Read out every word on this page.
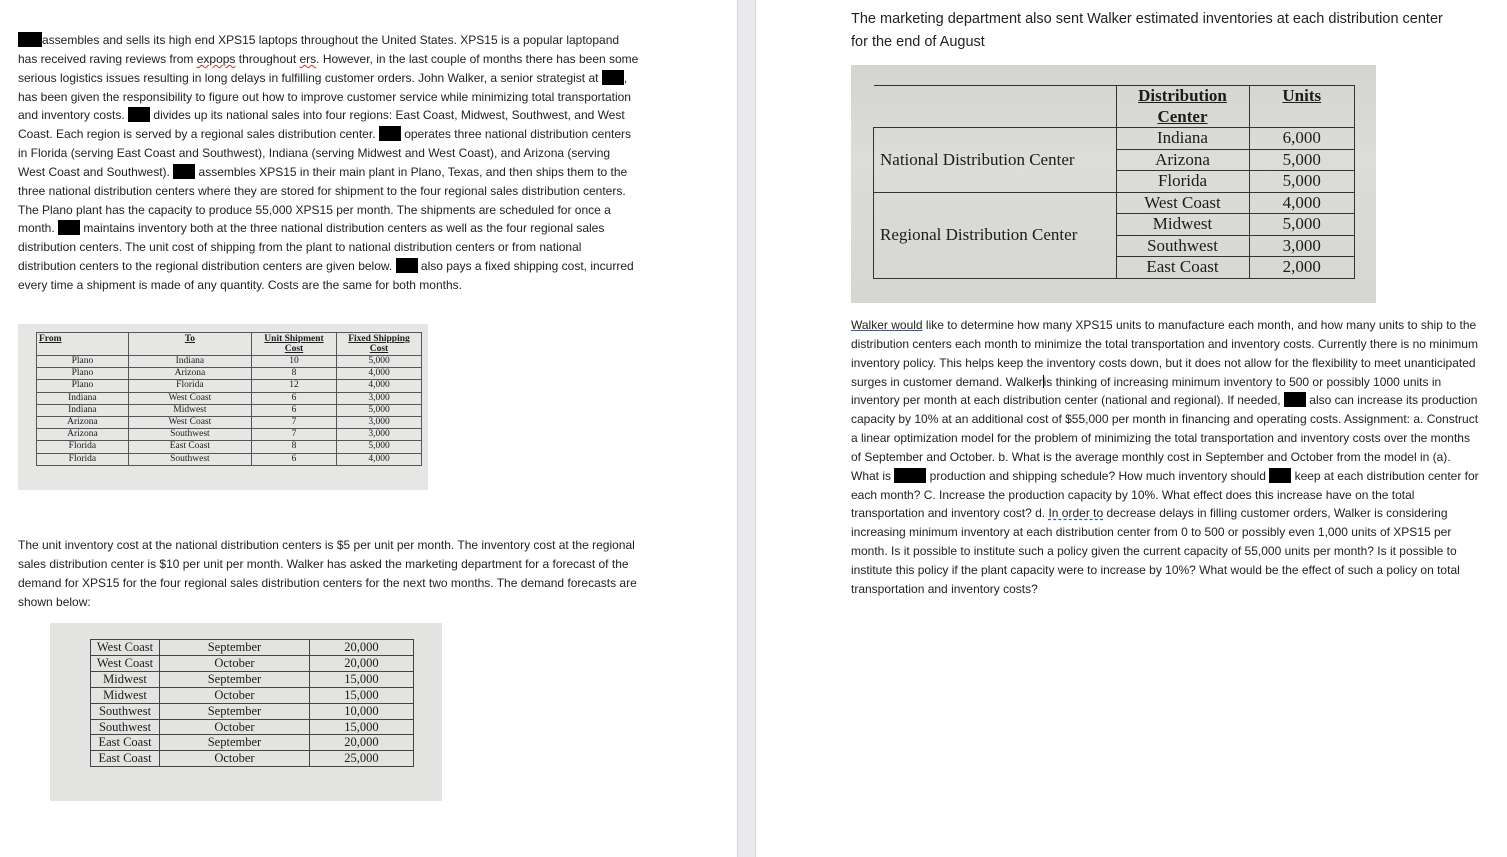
assembles and sells its high end XPS15 laptops throughout the United States. XPS15 is a popular laptopand has received raving reviews from expops throughout ers. However, in the last couple of months there has been some serious logistics issues resulting in long delays in fulfilling customer orders. John Walker, a senior strategist at , has been given the responsibility to figure out how to improve customer service while minimizing total transportation and inventory costs.  divides up its national sales into four regions: East Coast, Midwest, Southwest, and West Coast. Each region is served by a regional sales distribution center.  operates three national distribution centers in Florida (serving East Coast and Southwest), Indiana (serving Midwest and West Coast), and Arizona (serving West Coast and Southwest).  assembles XPS15 in their main plant in Plano, Texas, and then ships them to the three national distribution centers where they are stored for shipment to the four regional sales distribution centers. The Plano plant has the capacity to produce 55,000 XPS15 per month. The shipments are scheduled for once a month.  maintains inventory both at the three national distribution centers as well as the four regional sales distribution centers. The unit cost of shipping from the plant to national distribution centers or from national distribution centers to the regional distribution centers are given below.  also pays a fixed shipping cost, incurred every time a shipment is made of any quantity. Costs are the same for both months.

From	To	Unit Shipment Cost	Fixed Shipping Cost
Plano	Indiana	10	5,000
Plano	Arizona	8	4,000
Plano	Florida	12	4,000
Indiana	West Coast	6	3,000
Indiana	Midwest	6	5,000
Arizona	West Coast	7	3,000
Arizona	Southwest	7	3,000
Florida	East Coast	8	5,000
Florida	Southwest	6	4,000

The unit inventory cost at the national distribution centers is $5 per unit per month. The inventory cost at the regional sales distribution center is $10 per unit per month. Walker has asked the marketing department for a forecast of the demand for XPS15 for the four regional sales distribution centers for the next two months. The demand forecasts are shown below:

West Coast	September	20,000
West Coast	October	20,000
Midwest	September	15,000
Midwest	October	15,000
Southwest	September	10,000
Southwest	October	15,000
East Coast	September	20,000
East Coast	October	25,000

The marketing department also sent Walker estimated inventories at each distribution center for the end of August

	Distribution Center	Units
National Distribution Center	Indiana	6,000
	Arizona	5,000
	Florida	5,000
Regional Distribution Center	West Coast	4,000
	Midwest	5,000
	Southwest	3,000
	East Coast	2,000

Walker would like to determine how many XPS15 units to manufacture each month, and how many units to ship to the distribution centers each month to minimize the total transportation and inventory costs. Currently there is no minimum inventory policy. This helps keep the inventory costs down, but it does not allow for the flexibility to meet unanticipated surges in customer demand. Walkeris thinking of increasing minimum inventory to 500 or possibly 1000 units in inventory per month at each distribution center (national and regional). If needed,  also can increase its production capacity by 10% at an additional cost of $55,000 per month in financing and operating costs. Assignment: a. Construct a linear optimization model for the problem of minimizing the total transportation and inventory costs over the months of September and October. b. What is the average monthly cost in September and October from the model in (a). What is	production and shipping schedule? How much inventory should  keep at each distribution center for each month? C. Increase the production capacity by 10%. What effect does this increase have on the total transportation and inventory cost? d. In order to decrease delays in filling customer orders, Walker is considering increasing minimum inventory at each distribution center from 0 to 500 or possibly even 1,000 units of XPS15 per month. Is it possible to institute such a policy given the current capacity of 55,000 units per month? Is it possible to institute this policy if the plant capacity were to increase by 10%? What would be the effect of such a policy on total transportation and inventory costs?
